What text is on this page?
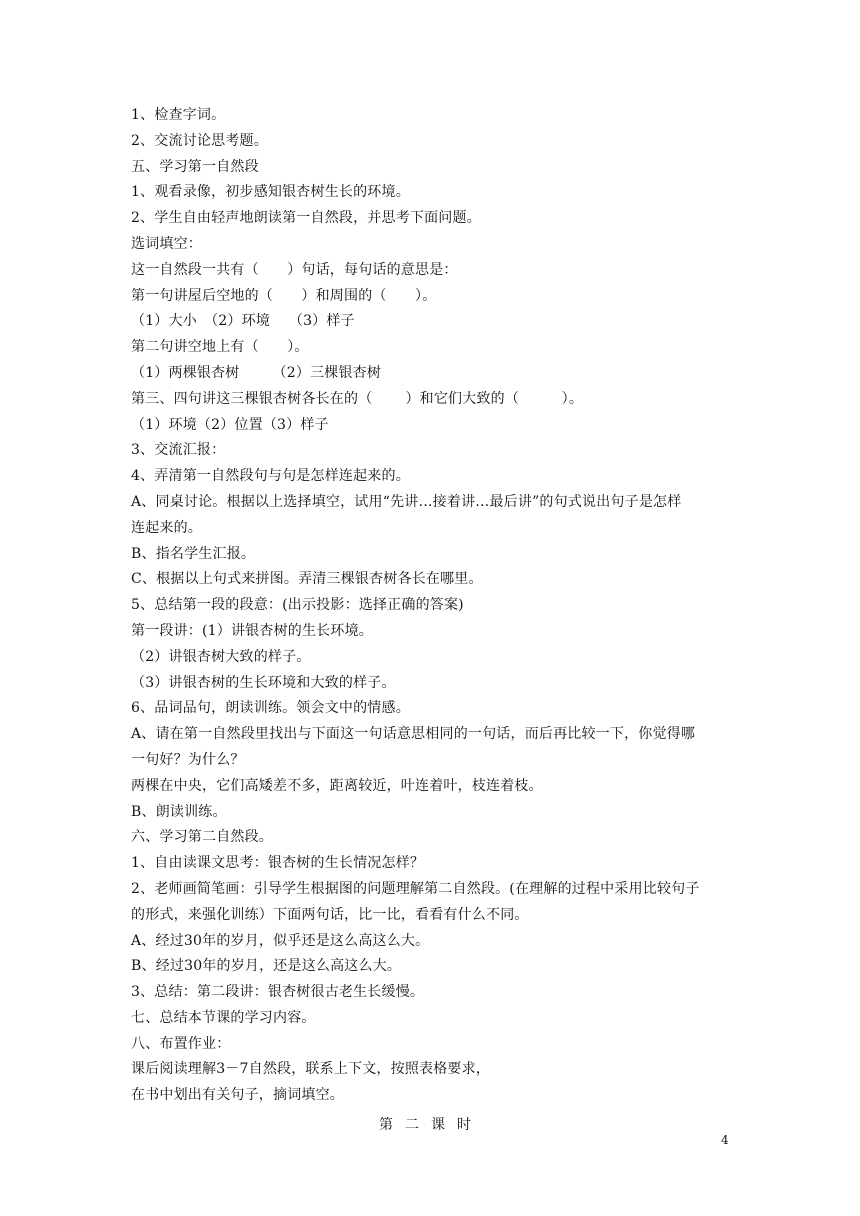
1、检查字词。
2、交流讨论思考题。
五、学习第一自然段
1、观看录像，初步感知银杏树生长的环境。
2、学生自由轻声地朗读第一自然段，并思考下面问题。
选词填空：
这一自然段一共有（　　）句话，每句话的意思是：
第一句讲屋后空地的（　　）和周围的（　　）。
（1）大小　（2）环境　 （3）样子
第二句讲空地上有（　　）。
（1）两棵银杏树　　 （2）三棵银杏树
第三、四句讲这三棵银杏树各长在的（　　 ）和它们大致的（　　　）。
（1）环境（2）位置（3）样子
3、交流汇报：
4、弄清第一自然段句与句是怎样连起来的。
A、同桌讨论。根据以上选择填空，试用“先讲…接着讲…最后讲”的句式说出句子是怎样
连起来的。
B、指名学生汇报。
C、根据以上句式来拼图。弄清三棵银杏树各长在哪里。
5、总结第一段的段意：(出示投影：选择正确的答案)
第一段讲：(1）讲银杏树的生长环境。
（2）讲银杏树大致的样子。
（3）讲银杏树的生长环境和大致的样子。
6、品词品句，朗读训练。领会文中的情感。
A、请在第一自然段里找出与下面这一句话意思相同的一句话，而后再比较一下，你觉得哪
一句好？为什么？
两棵在中央，它们高矮差不多，距离较近，叶连着叶，枝连着枝。
B、朗读训练。
六、学习第二自然段。
1、自由读课文思考：银杏树的生长情况怎样？
2、老师画简笔画：引导学生根据图的问题理解第二自然段。(在理解的过程中采用比较句子
的形式，来强化训练）下面两句话，比一比，看看有什么不同。
A、经过30年的岁月，似乎还是这么高这么大。
B、经过30年的岁月，还是这么高这么大。
3、总结：第二段讲：银杏树很古老生长缓慢。
七、总结本节课的学习内容。
八、布置作业：
课后阅读理解3－7自然段，联系上下文，按照表格要求，
在书中划出有关句子，摘词填空。
第二课时
4
